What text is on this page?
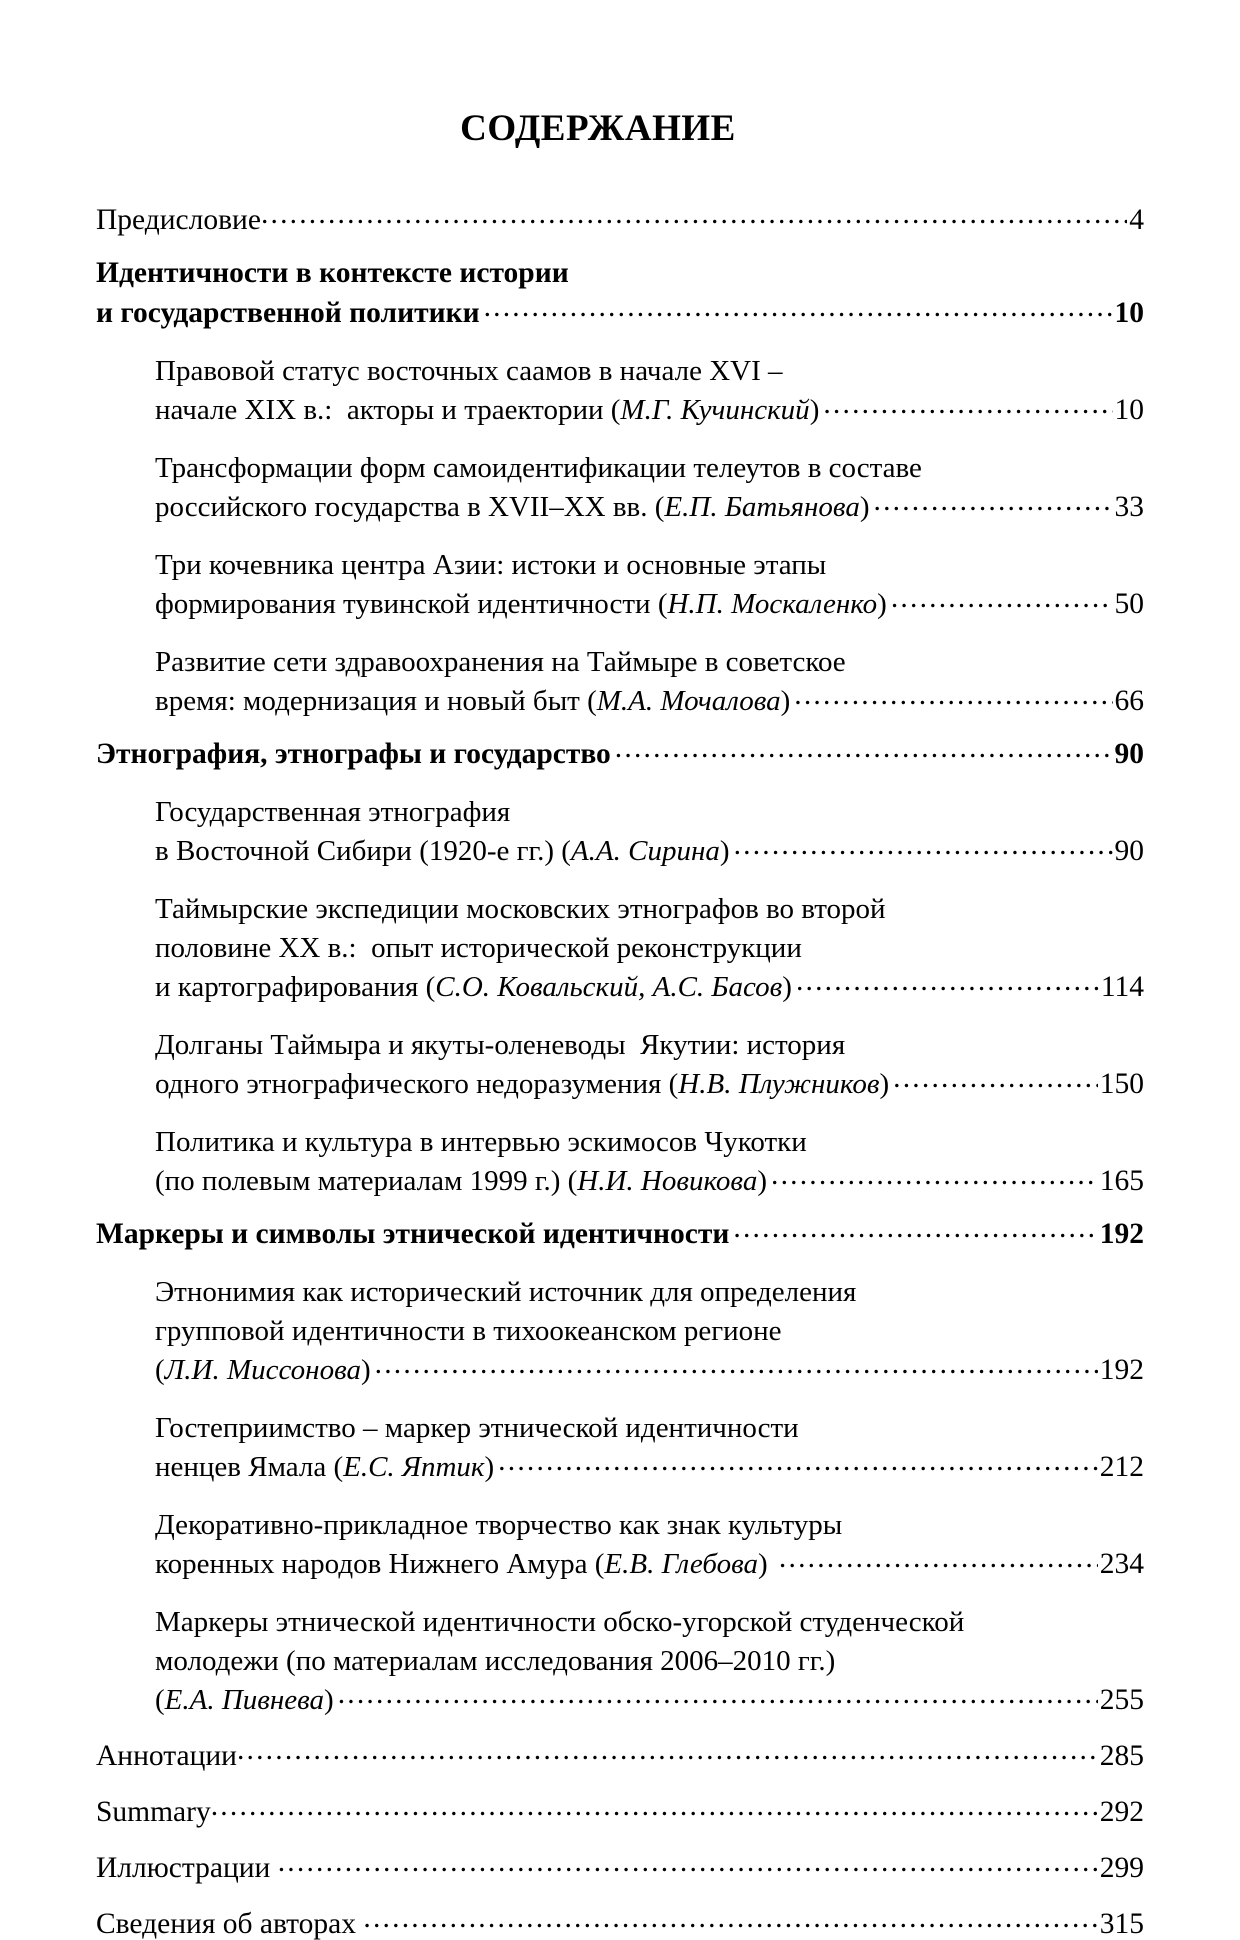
СОДЕРЖАНИЕ
Предисловие .....	4
Идентичности в контексте истории
и государственной политики .....	10
Правовой статус восточных саамов в начале XVI –
начале XIX в.:  акторы и траектории (М.Г. Кучинский) .....	10
Трансформации форм самоидентификации телеутов в составе
российского государства в XVII–XX вв. (Е.П. Батьянова) .....	33
Три кочевника центра Азии: истоки и основные этапы
формирования тувинской идентичности (Н.П. Москаленко) .....	50
Развитие сети здравоохранения на Таймыре в советское
время: модернизация и новый быт (М.А. Мочалова) .....	66
Этнография, этнографы и государство .....	90
Государственная этнография
в Восточной Сибири (1920-е гг.) (А.А. Сирина) .....	90
Таймырские экспедиции московских этнографов во второй
половине XX в.:  опыт исторической реконструкции
и картографирования (С.О. Ковальский, А.С. Басов) .....	114
Долганы Таймыра и якуты-оленеводы  Якутии: история
одного этнографического недоразумения (Н.В. Плужников) .....	150
Политика и культура в интервью эскимосов Чукотки
(по полевым материалам 1999 г.) (Н.И. Новикова) .....	165
Маркеры и символы этнической идентичности .....	192
Этнонимия как исторический источник для определения
групповой идентичности в тихоокеанском регионе
(Л.И. Миссонова) .....	192
Гостеприимство – маркер этнической идентичности
ненцев Ямала (Е.С. Яптик) .....	212
Декоративно-прикладное творчество как знак культуры
коренных народов Нижнего Амура (Е.В. Глебова) .....	234
Маркеры этнической идентичности обско-угорской студенческой
молодежи (по материалам исследования 2006–2010 гг.)
(Е.А. Пивнева) .....	255
Аннотации .....	285
Summary .....	292
Иллюстрации .....	299
Сведения об авторах .....	315
